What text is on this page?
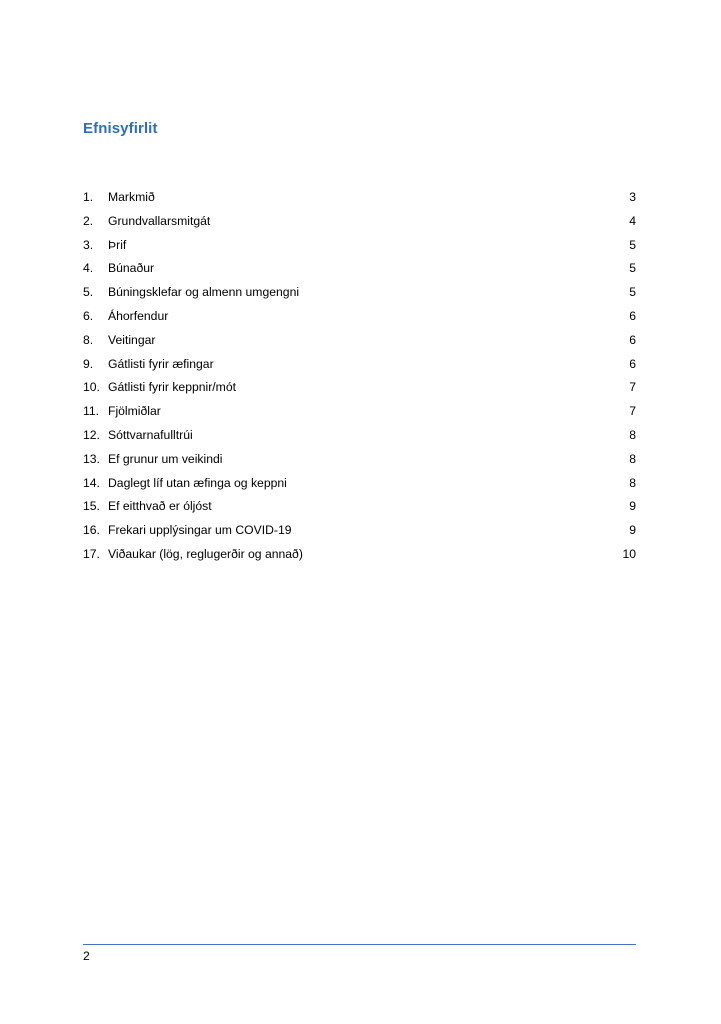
Efnisyfirlit
1.	Markmið	3
2.	Grundvallarsmitgát	4
3.	Þrif	5
4.	Búnaður	5
5.	Búningsklefar og almenn umgengni	5
6.	Áhorfendur	6
8.	Veitingar	6
9.	Gátlisti fyrir æfingar	6
10. Gátlisti fyrir keppnir/mót	7
11. Fjölmiðlar	7
12. Sóttvarnafulltrúi	8
13. Ef grunur um veikindi	8
14. Daglegt líf utan æfinga og keppni	8
15. Ef eitthvað er óljóst	9
16. Frekari upplýsingar um COVID-19	9
17. Viðaukar (lög, reglugerðir og annað)	10
2
